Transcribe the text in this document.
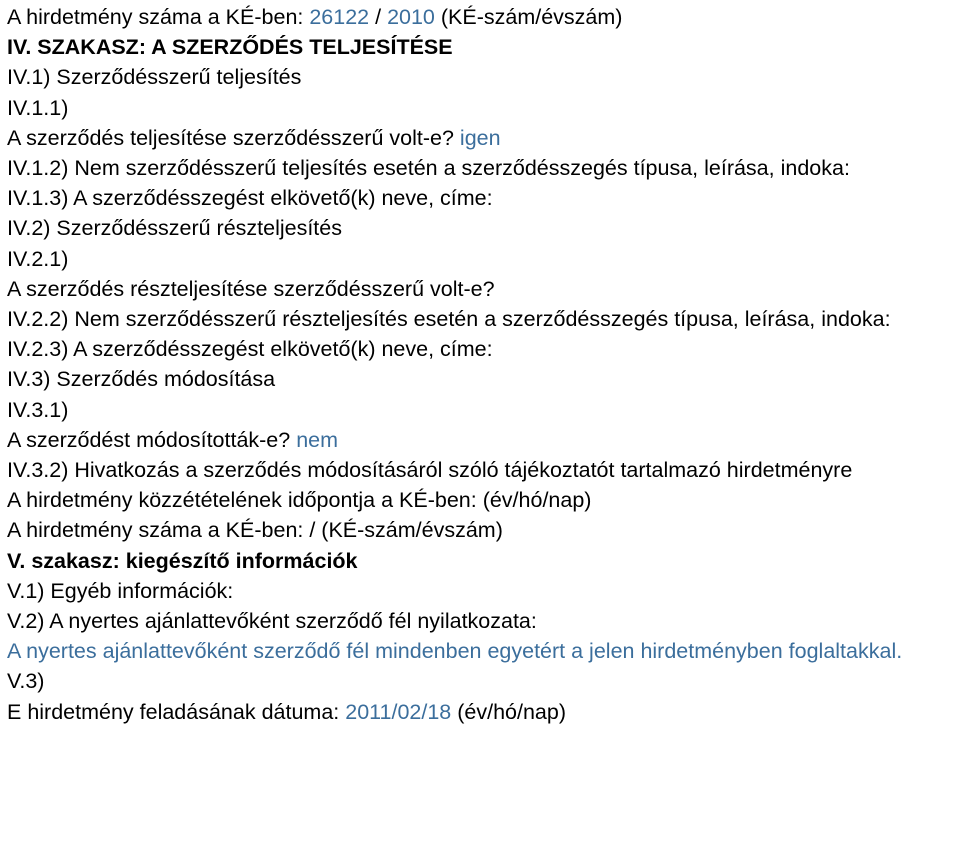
A hirdetmény száma a KÉ-ben: 26122 / 2010 (KÉ-szám/évszám)
IV. SZAKASZ: A SZERZŐDÉS TELJESÍTÉSE
IV.1) Szerződésszerű teljesítés
IV.1.1)
A szerződés teljesítése szerződésszerű volt-e? igen
IV.1.2) Nem szerződésszerű teljesítés esetén a szerződésszegés típusa, leírása, indoka:
IV.1.3) A szerződésszegést elkövető(k) neve, címe:
IV.2) Szerződésszerű részteljesítés
IV.2.1)
A szerződés részteljesítése szerződésszerű volt-e?
IV.2.2) Nem szerződésszerű részteljesítés esetén a szerződésszegés típusa, leírása, indoka:
IV.2.3) A szerződésszegést elkövető(k) neve, címe:
IV.3) Szerződés módosítása
IV.3.1)
A szerződést módosították-e? nem
IV.3.2) Hivatkozás a szerződés módosításáról szóló tájékoztatót tartalmazó hirdetményre
A hirdetmény közzétételének időpontja a KÉ-ben: (év/hó/nap)
A hirdetmény száma a KÉ-ben: / (KÉ-szám/évszám)
V. szakasz: kiegészítő információk
V.1) Egyéb információk:
V.2) A nyertes ajánlattevőként szerződő fél nyilatkozata:
A nyertes ajánlattevőként szerződő fél mindenben egyetért a jelen hirdetményben foglaltakkal.
V.3)
E hirdetmény feladásának dátuma: 2011/02/18 (év/hó/nap)
